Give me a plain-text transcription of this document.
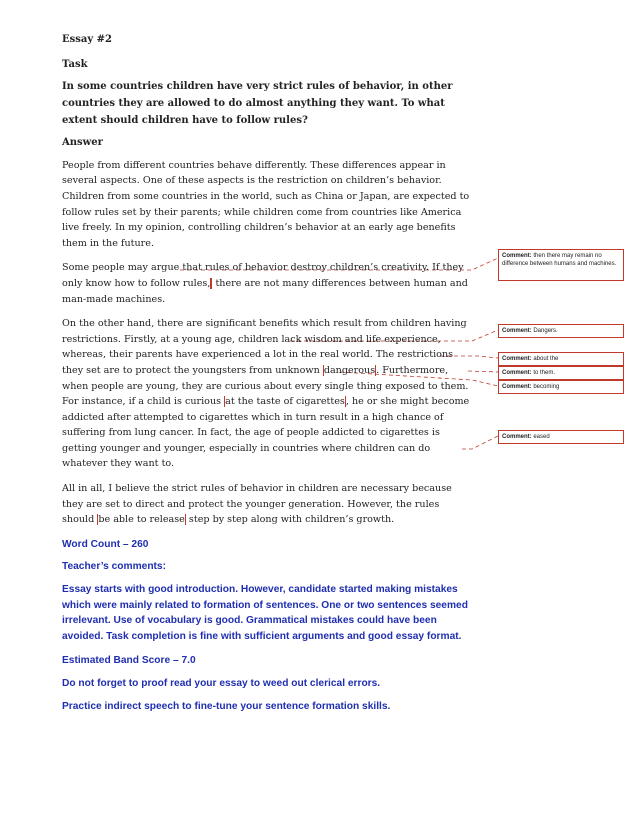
Essay #2

Task

In some countries children have very strict rules of behavior, in other countries they are allowed to do almost anything they want. To what extent should children have to follow rules?

Answer

People from different countries behave differently. These differences appear in several aspects. One of these aspects is the restriction on children’s behavior. Children from some countries in the world, such as China or Japan, are expected to follow rules set by their parents; while children come from countries like America live freely. In my opinion, controlling children’s behavior at an early age benefits them in the future.

Some people may argue that rules of behavior destroy children’s creativity. If they only know how to follow rules, there are not many differences between human and man-made machines.

On the other hand, there are significant benefits which result from children having restrictions. Firstly, at a young age, children lack wisdom and life experience, whereas, their parents have experienced a lot in the real world. The restrictions they set are to protect the youngsters from unknown dangerous. Furthermore, when people are young, they are curious about every single thing exposed to them. For instance, if a child is curious at the taste of cigarettes, he or she might become addicted after attempted to cigarettes which in turn result in a high chance of suffering from lung cancer. In fact, the age of people addicted to cigarettes is getting younger and younger, especially in countries where children can do whatever they want to.

All in all, I believe the strict rules of behavior in children are necessary because they are set to direct and protect the younger generation. However, the rules should be able to release step by step along with children’s growth.

Word Count – 260

Teacher’s comments:

Essay starts with good introduction. However, candidate started making mistakes which were mainly related to formation of sentences. One or two sentences seemed irrelevant. Use of vocabulary is good. Grammatical mistakes could have been avoided. Task completion is fine with sufficient arguments and good essay format.

Estimated Band Score – 7.0

Do not forget to proof read your essay to weed out clerical errors.

Practice indirect speech to fine-tune your sentence formation skills.

Comment: then there may remain no difference between humans and machines.
Comment: Dangers.
Comment: about the
Comment: to them.
Comment: becoming
Comment: eased
